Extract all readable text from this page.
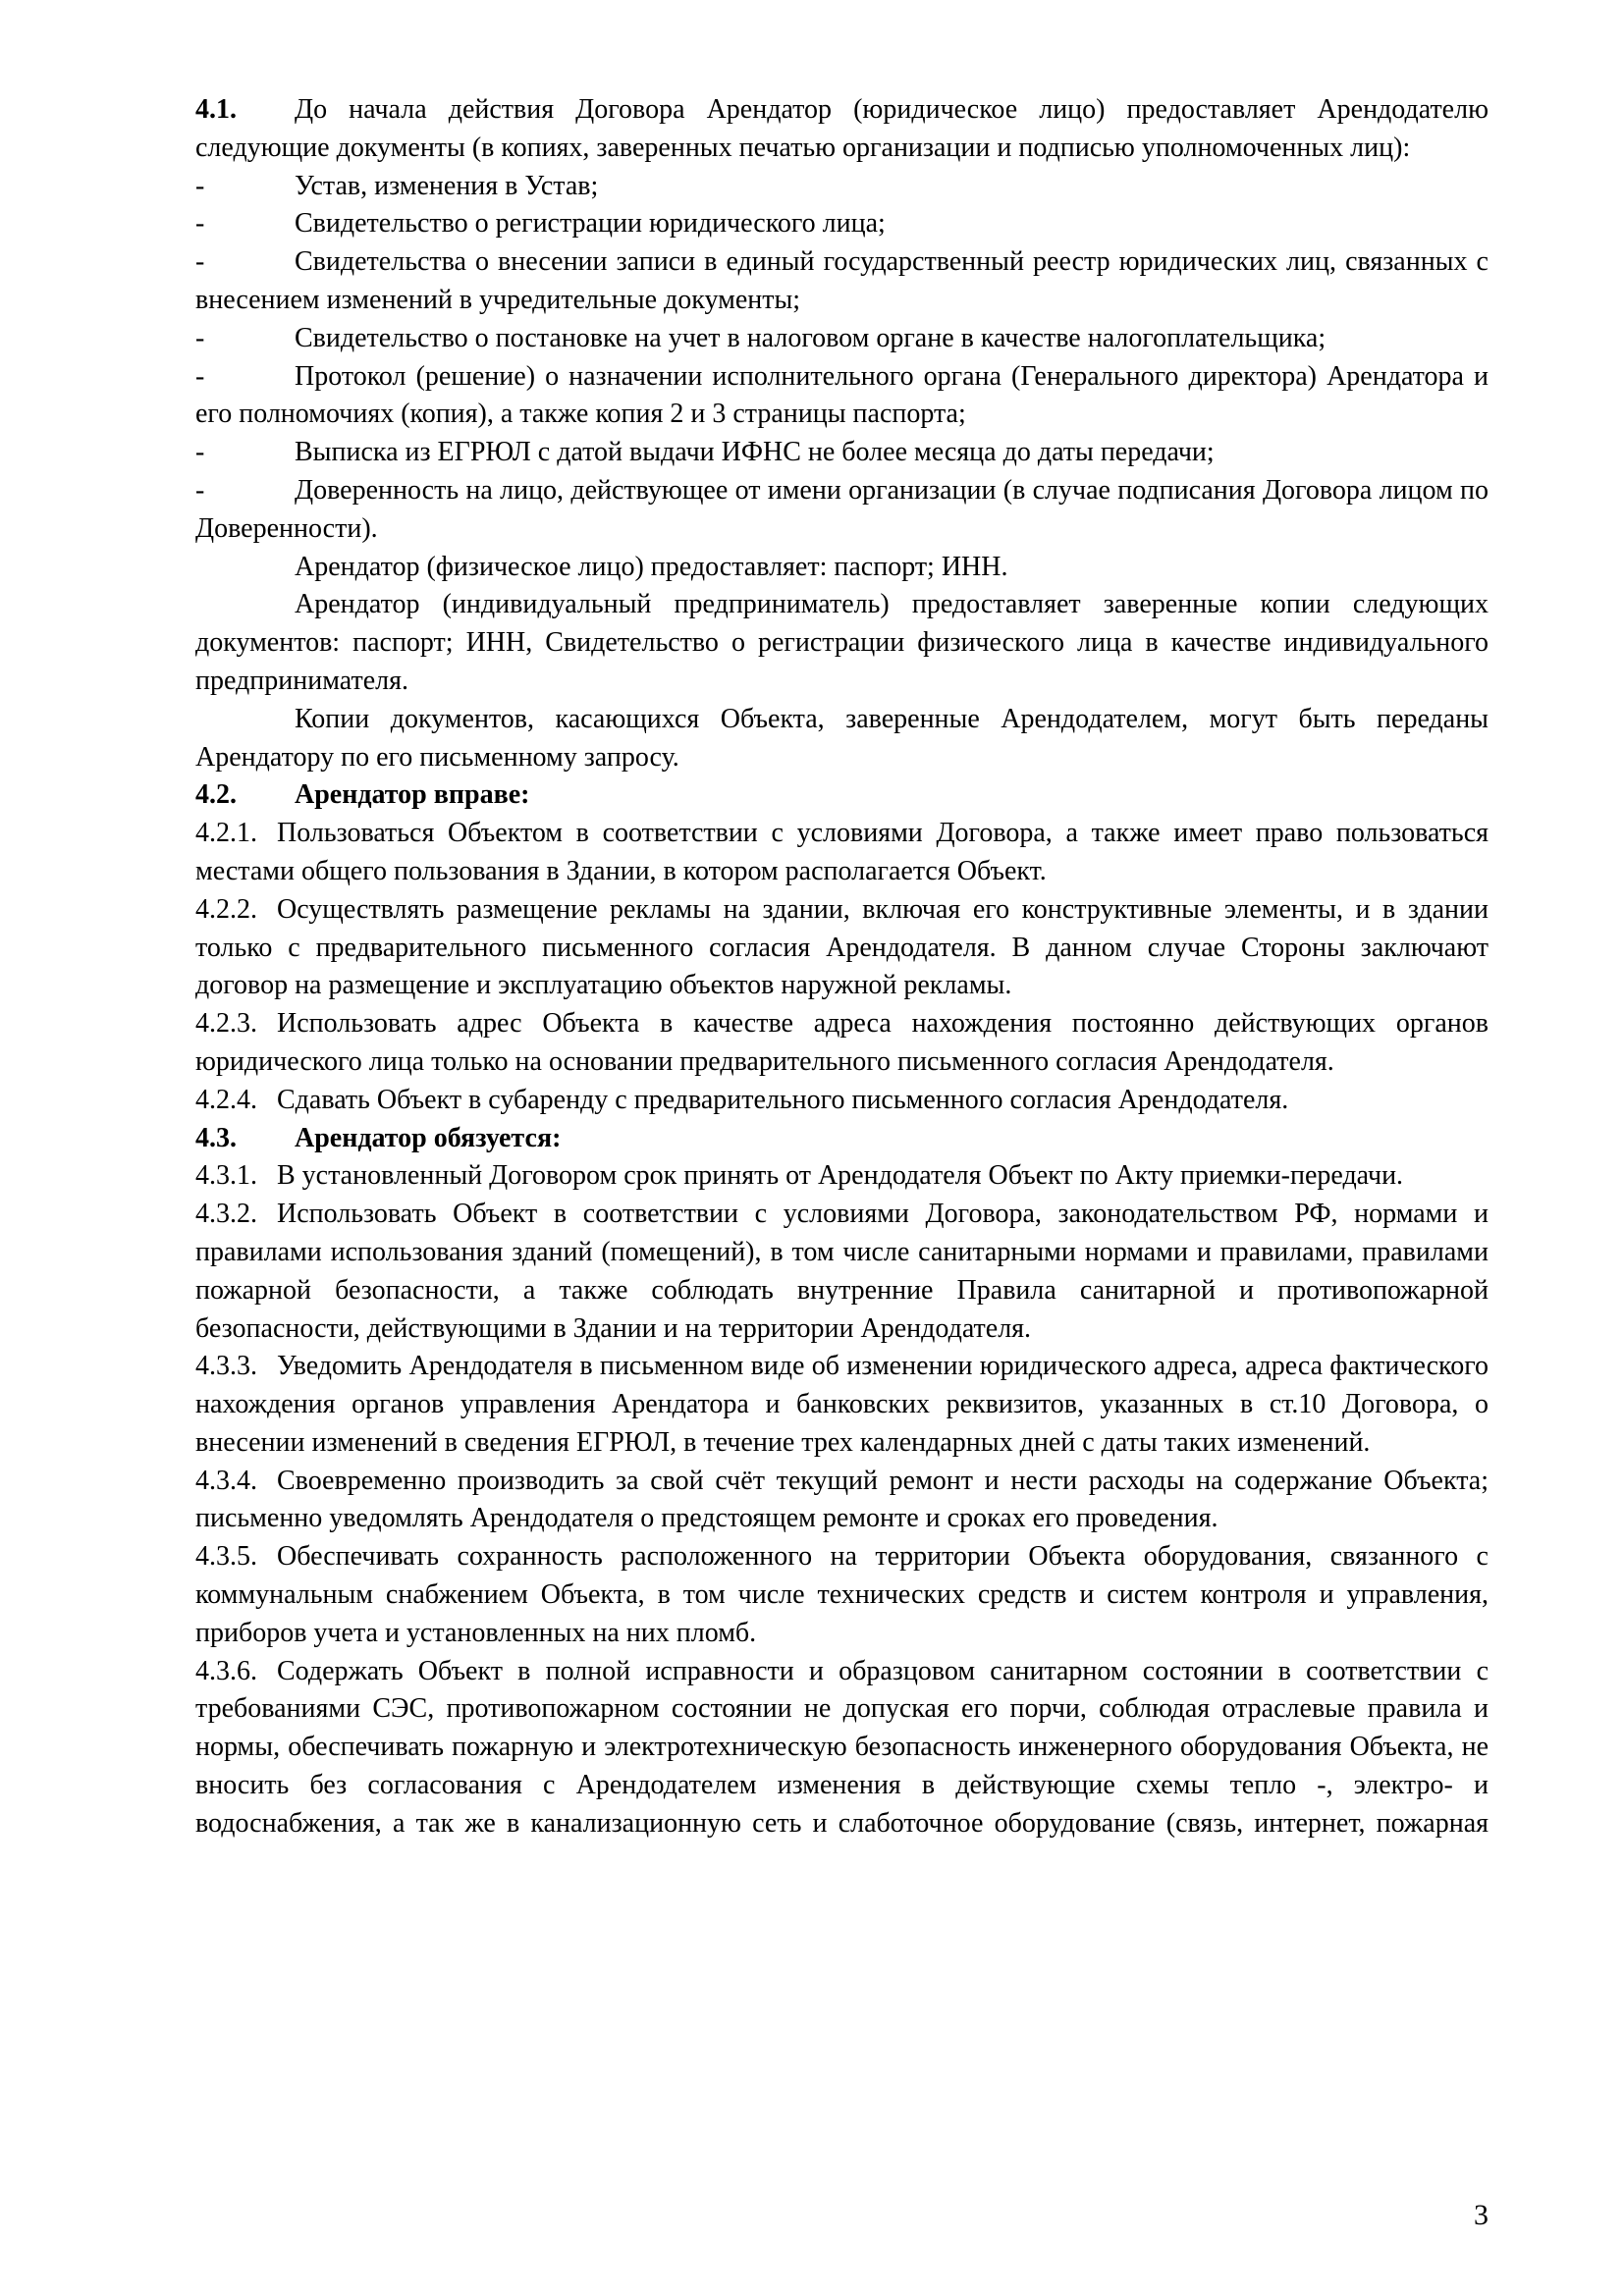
4.1. До начала действия Договора Арендатор (юридическое лицо) предоставляет Арендодателю следующие документы (в копиях, заверенных печатью организации и подписью уполномоченных лиц):

-	Устав, изменения в Устав;

-	Свидетельство о регистрации юридического лица;

-	Свидетельства о внесении записи в единый государственный реестр юридических лиц, связанных с внесением изменений в учредительные документы;

-	Свидетельство о постановке на учет в налоговом органе в качестве налогоплательщика;

-	Протокол (решение) о назначении исполнительного органа (Генерального директора) Арендатора и его полномочиях (копия), а также копия 2 и 3 страницы паспорта;

-	Выписка из ЕГРЮЛ с датой выдачи ИФНС не более месяца до даты передачи;

-	Доверенность на лицо, действующее от имени организации (в случае подписания Договора лицом по Доверенности).

Арендатор (физическое лицо) предоставляет: паспорт; ИНН.

Арендатор (индивидуальный предприниматель) предоставляет заверенные копии следующих документов: паспорт; ИНН, Свидетельство о регистрации физического лица в качестве индивидуального предпринимателя.

Копии документов, касающихся Объекта, заверенные Арендодателем, могут быть переданы Арендатору по его письменному запросу.

4.2. Арендатор вправе:

4.2.1. Пользоваться Объектом в соответствии с условиями Договора, а также имеет право пользоваться местами общего пользования в Здании, в котором располагается Объект.

4.2.2. Осуществлять размещение рекламы на здании, включая его конструктивные элементы, и в здании только с предварительного письменного согласия Арендодателя. В данном случае Стороны заключают договор на размещение и эксплуатацию объектов наружной рекламы.

4.2.3. Использовать адрес Объекта в качестве адреса нахождения постоянно действующих органов юридического лица только на основании предварительного письменного согласия Арендодателя.

4.2.4. Сдавать Объект в субаренду с предварительного письменного согласия Арендодателя.

4.3. Арендатор обязуется:

4.3.1. В установленный Договором срок принять от Арендодателя Объект по Акту приемки-передачи.

4.3.2. Использовать Объект в соответствии с условиями Договора, законодательством РФ, нормами и правилами использования зданий (помещений), в том числе санитарными нормами и правилами, правилами пожарной безопасности, а также соблюдать внутренние Правила санитарной и противопожарной безопасности, действующими в Здании и на территории Арендодателя.

4.3.3. Уведомить Арендодателя в письменном виде об изменении юридического адреса, адреса фактического нахождения органов управления Арендатора и банковских реквизитов, указанных в ст.10 Договора, о внесении изменений в сведения ЕГРЮЛ, в течение трех календарных дней с даты таких изменений.

4.3.4. Своевременно производить за свой счёт текущий ремонт и нести расходы на содержание Объекта; письменно уведомлять Арендодателя о предстоящем ремонте и сроках его проведения.

4.3.5. Обеспечивать сохранность расположенного на территории Объекта оборудования, связанного с коммунальным снабжением Объекта, в том числе технических средств и систем контроля и управления, приборов учета и установленных на них пломб.

4.3.6. Содержать Объект в полной исправности и образцовом санитарном состоянии в соответствии с требованиями СЭС, противопожарном состоянии не допуская его порчи, соблюдая отраслевые правила и нормы, обеспечивать пожарную и электротехническую безопасность инженерного оборудования Объекта, не вносить без согласования с Арендодателем изменения в действующие схемы тепло -, электро- и водоснабжения, а так же в канализационную сеть и слаботочное оборудование (связь, интернет, пожарная

3
